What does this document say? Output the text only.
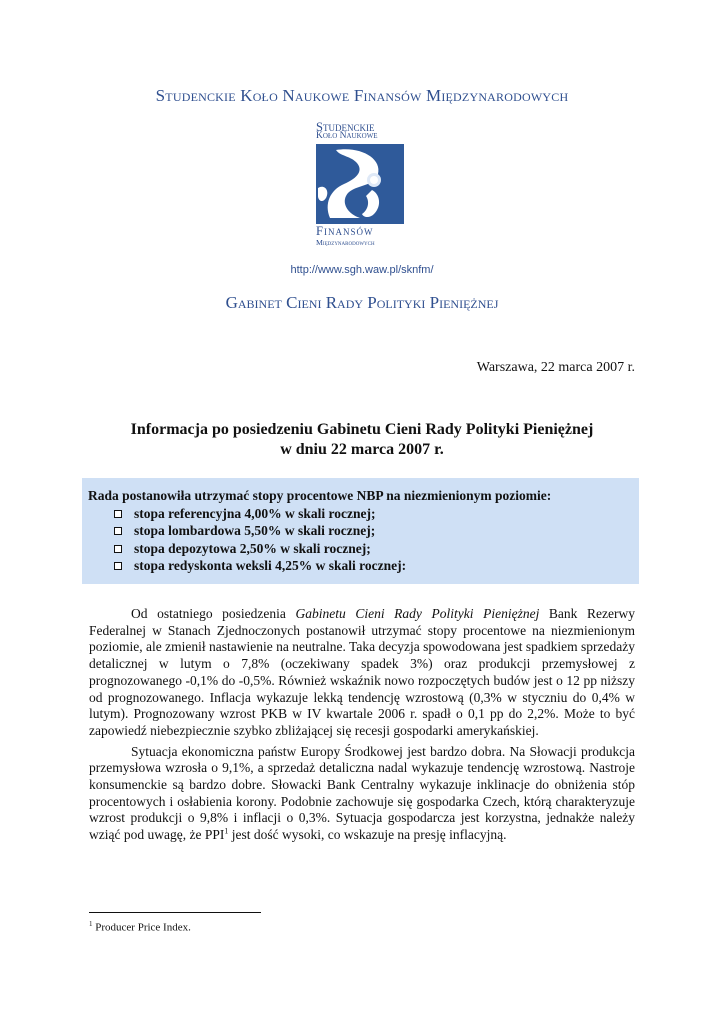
Studenckie Koło Naukowe Finansów Międzynarodowych
Studenckie
Koło Naukowe
Finansów
Międzynarodowych
http://www.sgh.waw.pl/sknfm/
Gabinet Cieni Rady Polityki Pieniężnej
Warszawa, 22 marca 2007 r.
Informacja po posiedzeniu Gabinetu Cieni Rady Polityki Pieniężnej
w dniu 22 marca 2007 r.
Rada postanowiła utrzymać stopy procentowe NBP na niezmienionym poziomie:
stopa referencyjna 4,00% w skali rocznej;
stopa lombardowa 5,50% w skali rocznej;
stopa depozytowa 2,50% w skali rocznej;
stopa redyskonta weksli 4,25% w skali rocznej:

Od ostatniego posiedzenia Gabinetu Cieni Rady Polityki Pieniężnej Bank Rezerwy Federalnej w Stanach Zjednoczonych postanowił utrzymać stopy procentowe na niezmienionym poziomie, ale zmienił nastawienie na neutralne. Taka decyzja spowodowana jest spadkiem sprzedaży detalicznej w lutym o 7,8% (oczekiwany spadek 3%) oraz produkcji przemysłowej z prognozowanego -0,1% do -0,5%. Również wskaźnik nowo rozpoczętych budów jest o 12 pp niższy od prognozowanego. Inflacja wykazuje lekką tendencję wzrostową (0,3% w styczniu do 0,4% w lutym). Prognozowany wzrost PKB w IV kwartale 2006 r. spadł o 0,1 pp do 2,2%. Może to być zapowiedź niebezpiecznie szybko zbliżającej się recesji gospodarki amerykańskiej.

Sytuacja ekonomiczna państw Europy Środkowej jest bardzo dobra. Na Słowacji produkcja przemysłowa wzrosła o 9,1%, a sprzedaż detaliczna nadal wykazuje tendencję wzrostową. Nastroje konsumenckie są bardzo dobre. Słowacki Bank Centralny wykazuje inklinacje do obniżenia stóp procentowych i osłabienia korony. Podobnie zachowuje się gospodarka Czech, którą charakteryzuje wzrost produkcji o 9,8% i inflacji o 0,3%. Sytuacja gospodarcza jest korzystna, jednakże należy wziąć pod uwagę, że PPI$^1$ jest dość wysoki, co wskazuje na presję inflacyjną.

$^1$ Producer Price Index.
